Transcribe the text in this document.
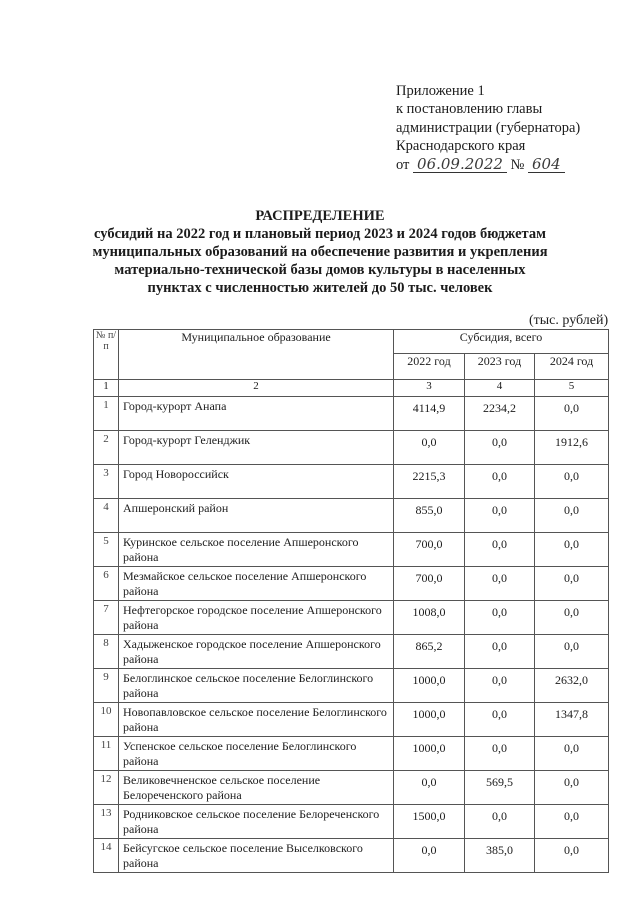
Приложение 1
к постановлению главы
администрации (губернатора)
Краснодарского края
от 06.09.2022 № 604
РАСПРЕДЕЛЕНИЕ
субсидий на 2022 год и плановый период 2023 и 2024 годов бюджетам
муниципальных образований на обеспечение развития и укрепления
материально-технической базы домов культуры в населенных
пунктах с численностью жителей до 50 тыс. человек
(тыс. рублей)
№ п/п	Муниципальное образование	Субсидия, всего		
		2022 год	2023 год	2024 год
1	2	3	4	5
1	Город-курорт Анапа	4114,9	2234,2	0,0
2	Город-курорт Геленджик	0,0	0,0	1912,6
3	Город Новороссийск	2215,3	0,0	0,0
4	Апшеронский район	855,0	0,0	0,0
5	Куринское сельское поселение Апшеронского района	700,0	0,0	0,0
6	Мезмайское сельское поселение Апшеронского района	700,0	0,0	0,0
7	Нефтегорское городское поселение Апшеронского района	1008,0	0,0	0,0
8	Хадыженское городское поселение Апшеронского района	865,2	0,0	0,0
9	Белоглинское сельское поселение Белоглинского района	1000,0	0,0	2632,0
10	Новопавловское сельское поселение Белоглинского района	1000,0	0,0	1347,8
11	Успенское сельское поселение Белоглинского района	1000,0	0,0	0,0
12	Великовечненское сельское поселение Белореченского района	0,0	569,5	0,0
13	Родниковское сельское поселение Белореченского района	1500,0	0,0	0,0
14	Бейсугское сельское поселение Выселковского района	0,0	385,0	0,0
